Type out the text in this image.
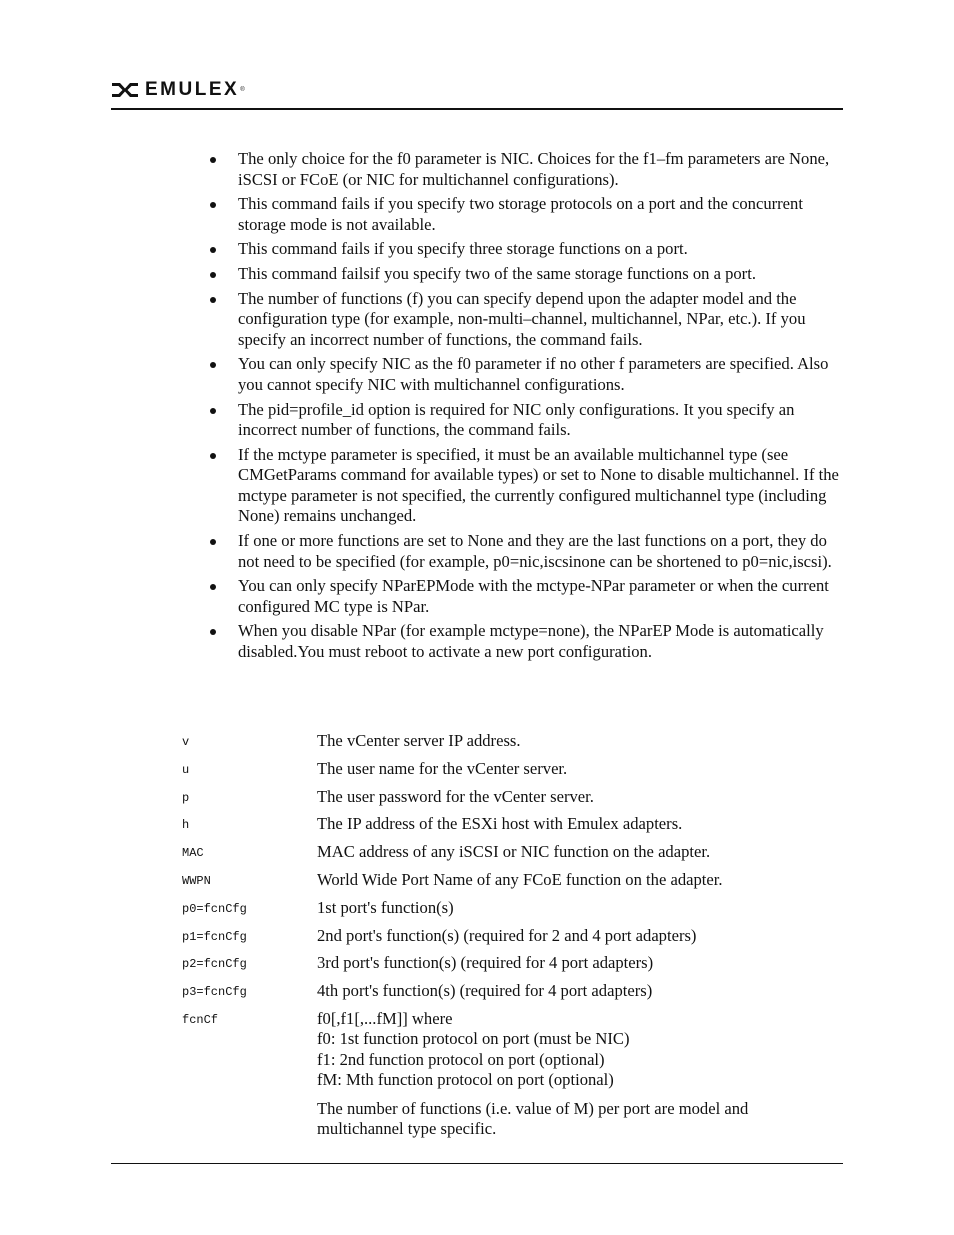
EMULEX ®
The only choice for the f0 parameter is NIC. Choices for the f1–fm parameters are None, iSCSI or FCoE (or NIC for multichannel configurations).
This command fails if you specify two storage protocols on a port and the concurrent storage mode is not available.
This command fails if you specify three storage functions on a port.
This command failsif you specify two of the same storage functions on a port.
The number of functions (f) you can specify depend upon the adapter model and the configuration type (for example, non-multi–channel, multichannel, NPar, etc.). If you specify an incorrect number of functions, the command fails.
You can only specify NIC as the f0 parameter if no other f parameters are specified. Also you cannot specify NIC with multichannel configurations.
The pid=profile_id option is required for NIC only configurations. It you specify an incorrect number of functions, the command fails.
If the mctype parameter is specified, it must be an available multichannel type (see CMGetParams command for available types) or set to None to disable multichannel. If the mctype parameter is not specified, the currently configured multichannel type (including None) remains unchanged.
If one or more functions are set to None and they are the last functions on a port, they do not need to be specified (for example, p0=nic,iscsinone can be shortened to p0=nic,iscsi).
You can only specify NParEPMode with the mctype-NPar parameter or when the current configured MC type is NPar.
When you disable NPar (for example mctype=none), the NParEP Mode is automatically disabled.You must reboot to activate a new port configuration.
v	The vCenter server IP address.
u	The user name for the vCenter server.
p	The user password for the vCenter server.
h	The IP address of the ESXi host with Emulex adapters.
MAC	MAC address of any iSCSI or NIC function on the adapter.
WWPN	World Wide Port Name of any FCoE function on the adapter.
p0=fcnCfg	1st port's function(s)
p1=fcnCfg	2nd port's function(s) (required for 2 and 4 port adapters)
p2=fcnCfg	3rd port's function(s) (required for 4 port adapters)
p3=fcnCfg	4th port's function(s) (required for 4 port adapters)
fcnCf	f0[,f1[,...fM]] where
f0: 1st function protocol on port (must be NIC)
f1: 2nd function protocol on port (optional)
fM: Mth function protocol on port (optional)
The number of functions (i.e. value of M) per port are model and multichannel type specific.
